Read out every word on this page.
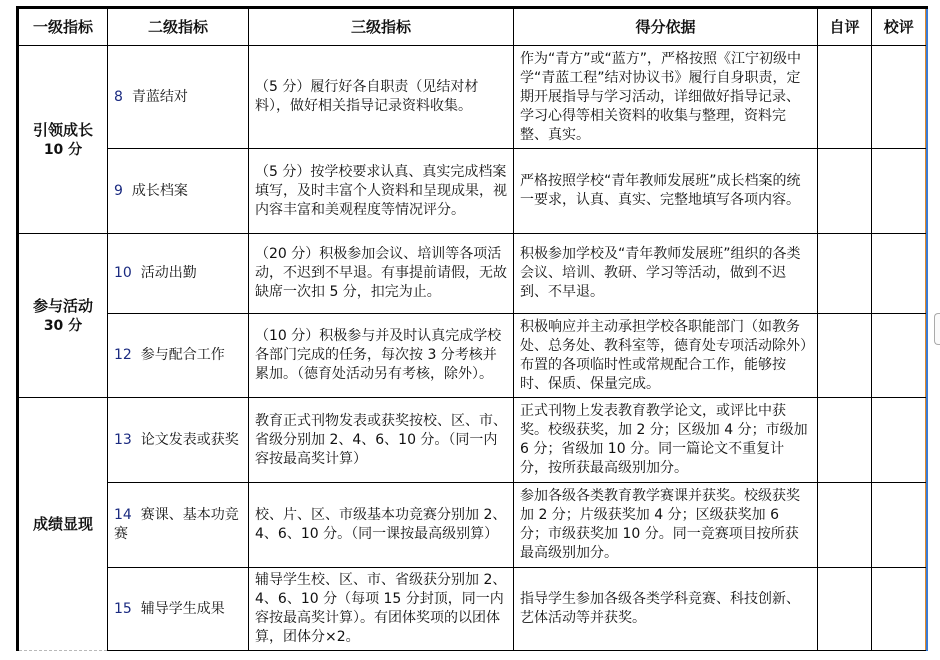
一级指标	二级指标	三级指标	得分依据	自评	校评

引领成长
10 分	8 青蓝结对	（5 分）履行好各自职责（见结对材料），做好相关指导记录资料收集。	作为“青方”或“蓝方”，严格按照《江宁初级中学“青蓝工程”结对协议书》履行自身职责，定期开展指导与学习活动，详细做好指导记录、学习心得等相关资料的收集与整理，资料完整、真实。		
	9 成长档案	（5 分）按学校要求认真、真实完成档案填写，及时丰富个人资料和呈现成果，视内容丰富和美观程度等情况评分。	严格按照学校“青年教师发展班”成长档案的统一要求，认真、真实、完整地填写各项内容。		

参与活动
30 分	10 活动出勤	（20 分）积极参加会议、培训等各项活动，不迟到不早退。有事提前请假，无故缺席一次扣 5 分，扣完为止。	积极参加学校及“青年教师发展班”组织的各类会议、培训、教研、学习等活动，做到不迟到、不早退。		
	12 参与配合工作	（10 分）积极参与并及时认真完成学校各部门完成的任务，每次按 3 分考核并累加。（德育处活动另有考核，除外）。	积极响应并主动承担学校各职能部门（如教务处、总务处、教科室等，德育处专项活动除外）布置的各项临时性或常规配合工作，能够按时、保质、保量完成。		

成绩显现	13 论文发表或获奖	教育正式刊物发表或获奖按校、区、市、省级分别加 2、4、6、10 分。（同一内容按最高奖计算）	正式刊物上发表教育教学论文，或评比中获奖。校级获奖，加 2 分；区级加 4 分；市级加 6 分；省级加 10 分。同一篇论文不重复计分，按所获最高级别加分。		
	14 赛课、基本功竞赛	校、片、区、市级基本功竞赛分别加 2、4、6、10 分。（同一课按最高级别算）	参加各级各类教育教学赛课并获奖。校级获奖加 2 分；片级获奖加 4 分；区级获奖加 6 分；市级获奖加 10 分。同一竞赛项目按所获最高级别加分。		
	15 辅导学生成果	辅导学生校、区、市、省级获分别加 2、4、6、10 分（每项 15 分封顶，同一内容按最高奖计算）。有团体奖项的以团体算，团体分×2。	指导学生参加各级各类学科竞赛、科技创新、艺体活动等并获奖。		
